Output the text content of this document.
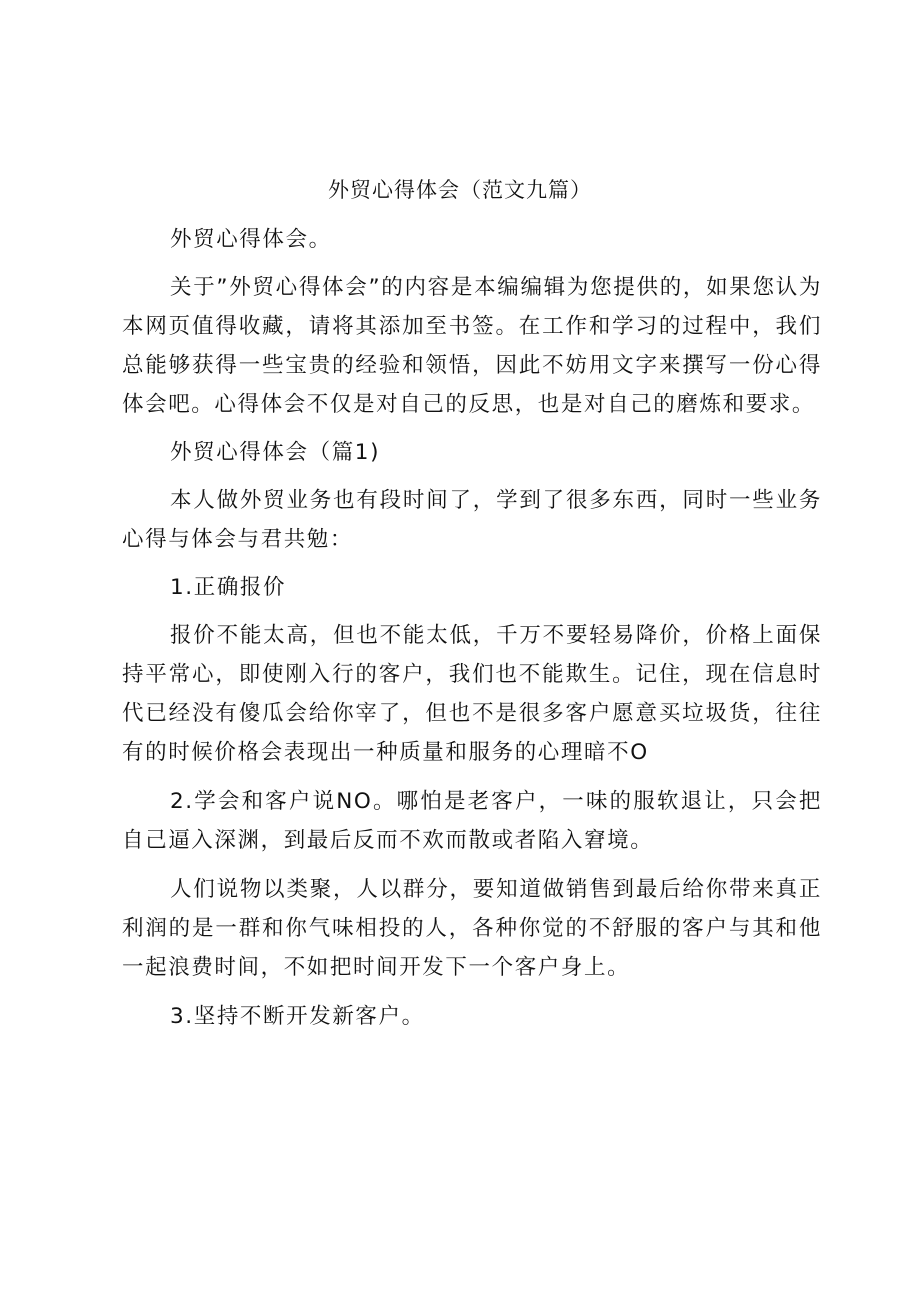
外贸心得体会（范文九篇）

外贸心得体会。

关于”外贸心得体会”的内容是本编编辑为您提供的，如果您认为本网页值得收藏，请将其添加至书签。在工作和学习的过程中，我们总能够获得一些宝贵的经验和领悟，因此不妨用文字来撰写一份心得体会吧。心得体会不仅是对自己的反思，也是对自己的磨炼和要求。

外贸心得体会（篇1)

本人做外贸业务也有段时间了，学到了很多东西，同时一些业务心得与体会与君共勉：

1.正确报价

报价不能太高，但也不能太低，千万不要轻易降价，价格上面保持平常心，即使刚入行的客户，我们也不能欺生。记住，现在信息时代已经没有傻瓜会给你宰了，但也不是很多客户愿意买垃圾货，往往有的时候价格会表现出一种质量和服务的心理暗不O

2.学会和客户说NO。哪怕是老客户，一味的服软退让，只会把自己逼入深渊，到最后反而不欢而散或者陷入窘境。

人们说物以类聚，人以群分，要知道做销售到最后给你带来真正利润的是一群和你气味相投的人，各种你觉的不舒服的客户与其和他一起浪费时间，不如把时间开发下一个客户身上。

3.坚持不断开发新客户。
